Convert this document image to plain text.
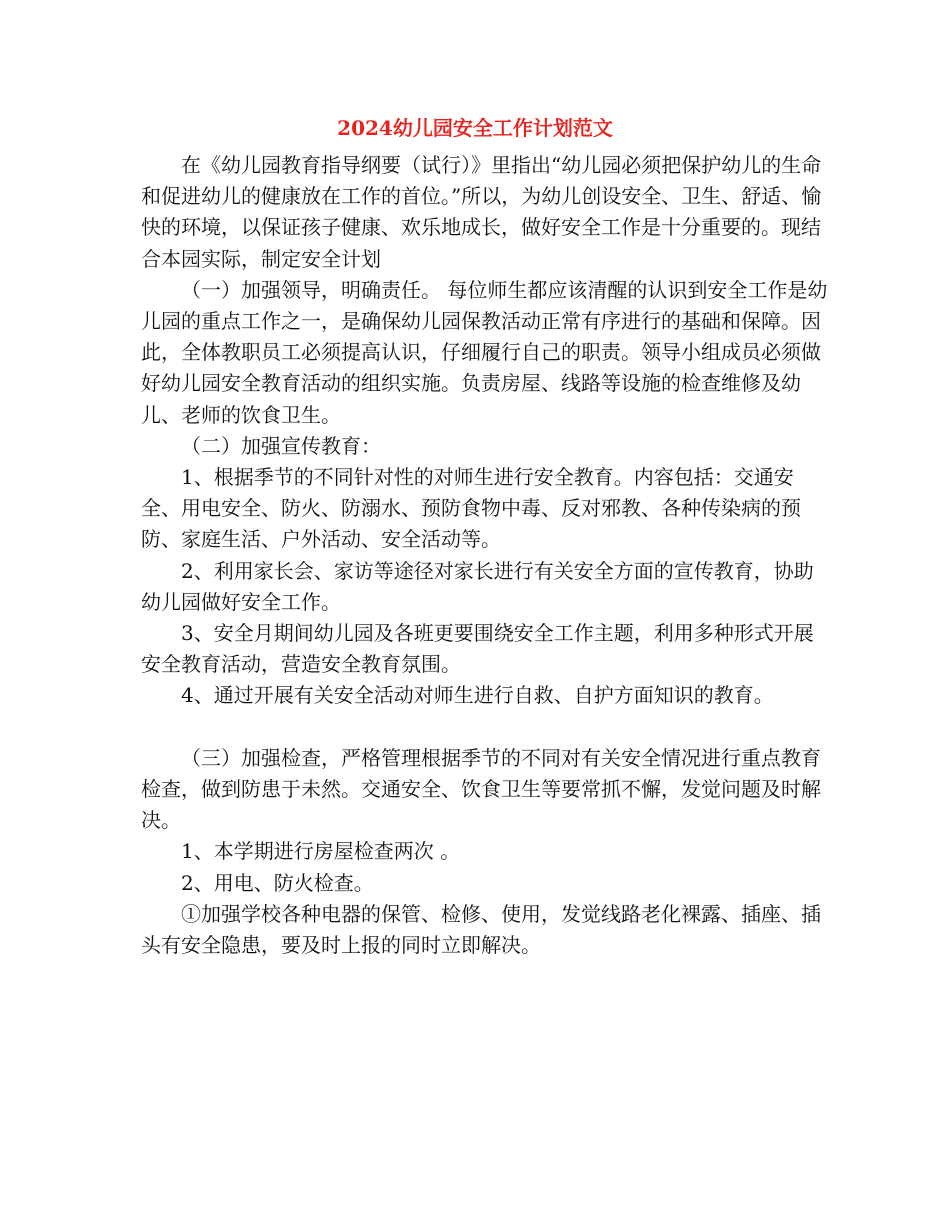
2024幼儿园安全工作计划范文

在《幼儿园教育指导纲要（试行）》里指出“幼儿园必须把保护幼儿的生命和促进幼儿的健康放在工作的首位。”所以，为幼儿创设安全、卫生、舒适、愉快的环境，以保证孩子健康、欢乐地成长，做好安全工作是十分重要的。现结合本园实际，制定安全计划

（一）加强领导，明确责任。 每位师生都应该清醒的认识到安全工作是幼儿园的重点工作之一，是确保幼儿园保教活动正常有序进行的基础和保障。因此，全体教职员工必须提高认识，仔细履行自己的职责。领导小组成员必须做好幼儿园安全教育活动的组织实施。负责房屋、线路等设施的检查维修及幼儿、老师的饮食卫生。

（二）加强宣传教育：

1、根据季节的不同针对性的对师生进行安全教育。内容包括：交通安全、用电安全、防火、防溺水、预防食物中毒、反对邪教、各种传染病的预防、家庭生活、户外活动、安全活动等。

2、利用家长会、家访等途径对家长进行有关安全方面的宣传教育，协助幼儿园做好安全工作。

3、安全月期间幼儿园及各班更要围绕安全工作主题，利用多种形式开展安全教育活动，营造安全教育氛围。

4、通过开展有关安全活动对师生进行自救、自护方面知识的教育。

（三）加强检查，严格管理根据季节的不同对有关安全情况进行重点教育检查，做到防患于未然。交通安全、饮食卫生等要常抓不懈，发觉问题及时解决。

1、本学期进行房屋检查两次 。

2、用电、防火检查。

①加强学校各种电器的保管、检修、使用，发觉线路老化裸露、插座、插头有安全隐患，要及时上报的同时立即解决。
